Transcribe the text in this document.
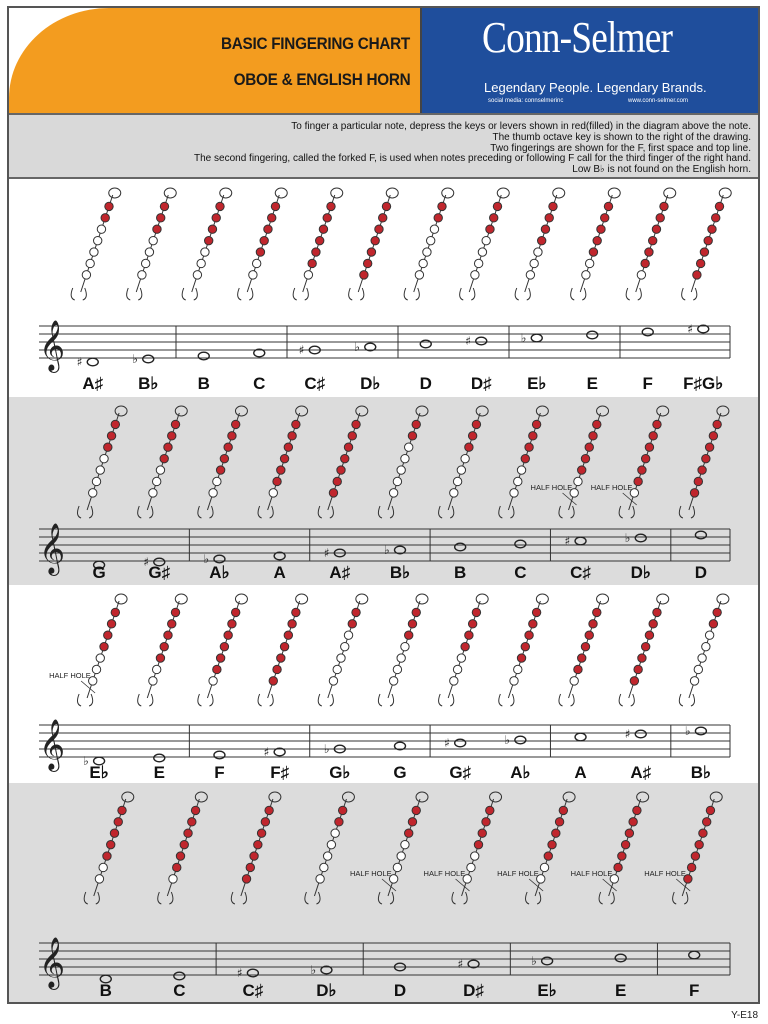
BASIC FINGERING CHART
OBOE & ENGLISH HORN
Conn-Selmer
Legendary People. Legendary Brands.
social media: connselmerinc	www.conn-selmer.com
To finger a particular note, depress the keys or levers shown in red(filled) in the diagram above the note.
The thumb octave key is shown to the right of the drawing.
Two fingerings are shown for the F, first space and top line.
The second fingering, called the forked F, is used when notes preceding or following F call for the third finger of the right hand.
Low B♭ is not found on the English horn.
𝄞 ♯
A♯
♭
B♭ B	C
♯
C♯
♭
D♭ D
♯
D♯
♭
E♭ E	F
♯
F♯G♭
𝄞 G
♯
G♯
♭
A♭	A
♯
A♯
♭
B♭	B	C
HALF HOLE
♯
C♯
HALF HOLE
♭
D♭	D
𝄞
HALF HOLE
♭
E♭	E	F
♯
F♯
♭
G♭	G
♯
G♯
♭
A♭	A
♯
A♯
♭
B♭
𝄞
B	C
♯
C♯
♭
D♭
HALF HOLE
D
HALF HOLE
♯
D♯
HALF HOLE
♭
E♭
HALF HOLE
E
HALF HOLE
F
Y-E18
